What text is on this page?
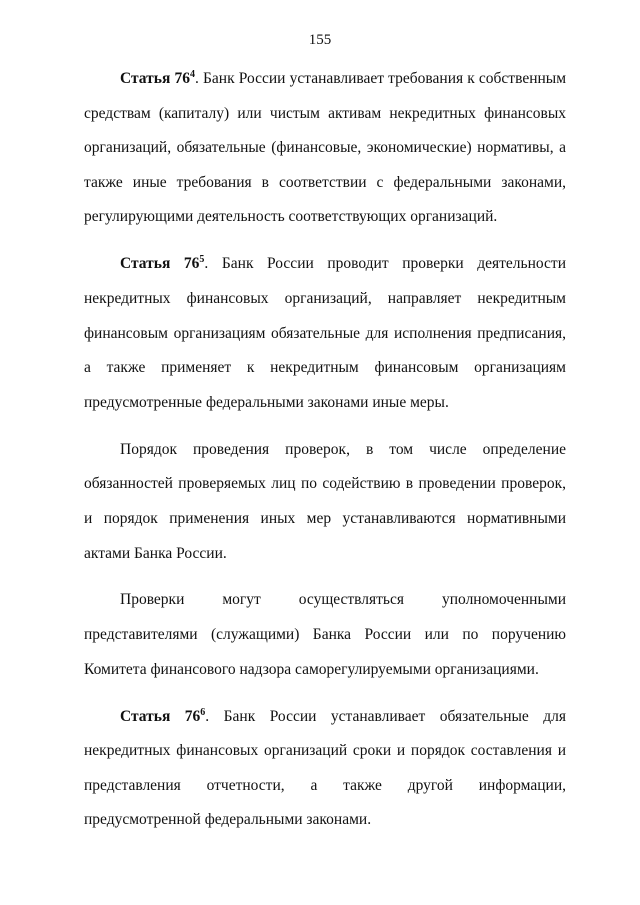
155

Статья $76^4$. Банк России устанавливает требования к собственным средствам (капиталу) или чистым активам некредитных финансовых организаций, обязательные (финансовые, экономические) нормативы, а также иные требования в соответствии с федеральными законами, регулирующими деятельность соответствующих организаций.

Статья $76^5$. Банк России проводит проверки деятельности некредитных финансовых организаций, направляет некредитным финансовым организациям обязательные для исполнения предписания, а также применяет к некредитным финансовым организациям предусмотренные федеральными законами иные меры.

Порядок проведения проверок, в том числе определение обязанностей проверяемых лиц по содействию в проведении проверок, и порядок применения иных мер устанавливаются нормативными актами Банка России.

Проверки могут осуществляться уполномоченными представителями (служащими) Банка России или по поручению Комитета финансового надзора саморегулируемыми организациями.

Статья $76^6$. Банк России устанавливает обязательные для некредитных финансовых организаций сроки и порядок составления и представления отчетности, а также другой информации, предусмотренной федеральными законами.
